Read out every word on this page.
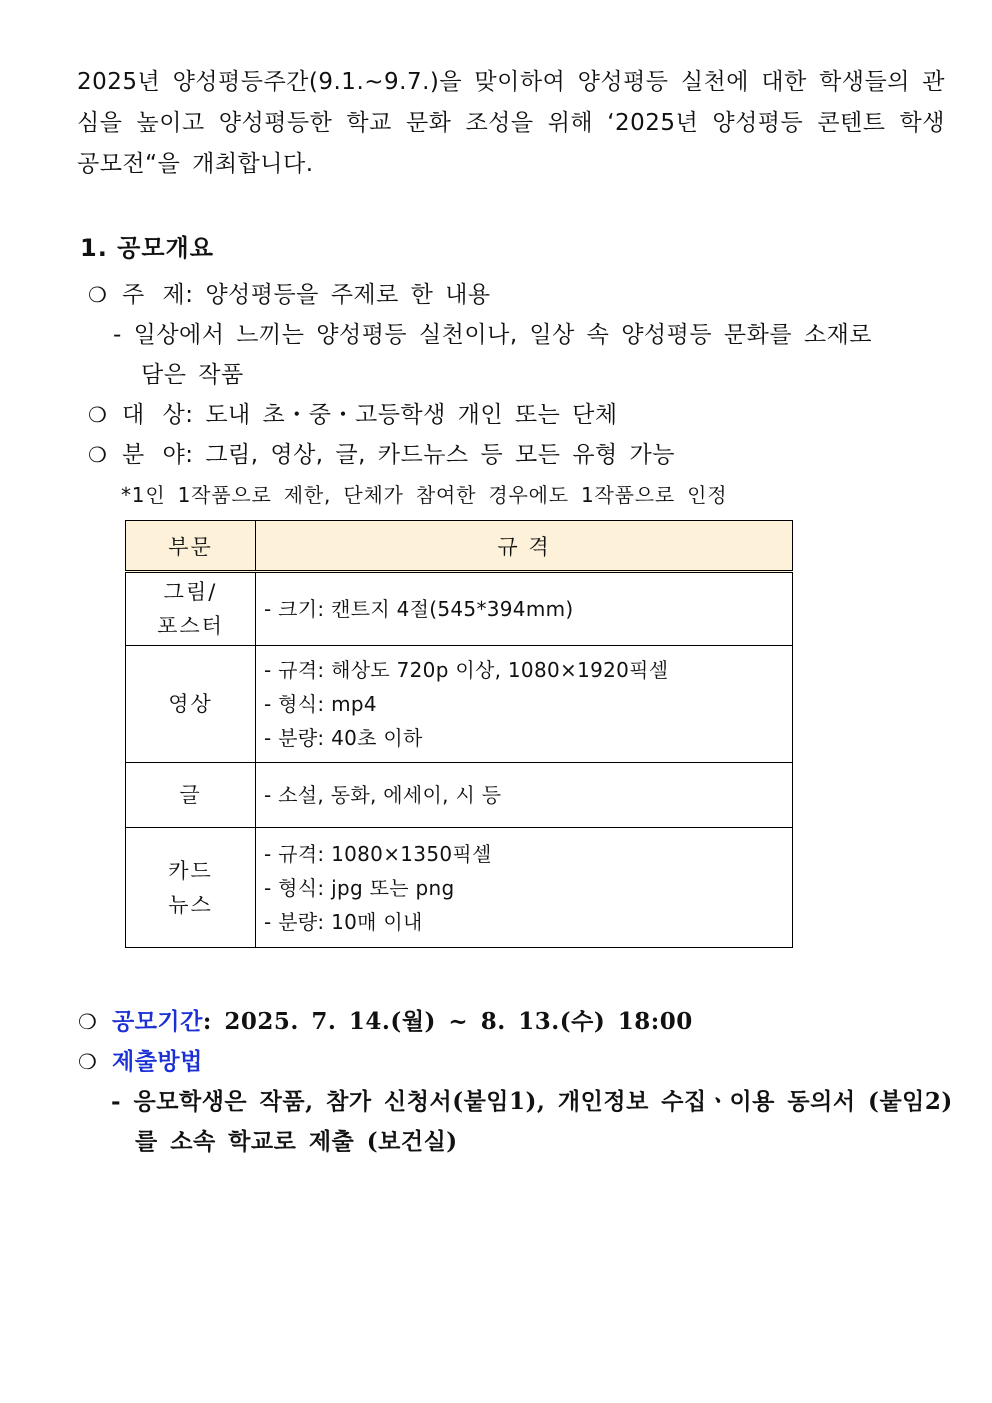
2025년 양성평등주간(9.1.~9.7.)을 맞이하여 양성평등 실천에 대한 학생들의 관심을 높이고 양성평등한 학교 문화 조성을 위해 ‘2025년 양성평등 콘텐트 학생 공모전“을 개최합니다.
1. 공모개요
❍ 주 제: 양성평등을 주제로 한 내용
- 일상에서 느끼는 양성평등 실천이나, 일상 속 양성평등 문화를 소재로
담은 작품
❍ 대 상: 도내 초・중・고등학생 개인 또는 단체
❍ 분 야: 그림, 영상, 글, 카드뉴스 등 모든 유형 가능
*1인 1작품으로 제한, 단체가 참여한 경우에도 1작품으로 인정
부문	규 격

그림/
포스터	- 크기: 캔트지 4절(545*394mm)

영상	- 규격: 해상도 720p 이상, 1080×1920픽셀
- 형식: mp4
- 분량: 40초 이하

글	- 소설, 동화, 에세이, 시 등

카드
뉴스	- 규격: 1080×1350픽셀
- 형식: jpg 또는 png
- 분량: 10매 이내
❍ 공모기간: 2025. 7. 14.(월) ~ 8. 13.(수) 18:00
❍ 제출방법
- 응모학생은 작품, 참가 신청서(붙임1), 개인정보 수집ㆍ이용 동의서 (붙임2)
를 소속 학교로 제출 (보건실)
